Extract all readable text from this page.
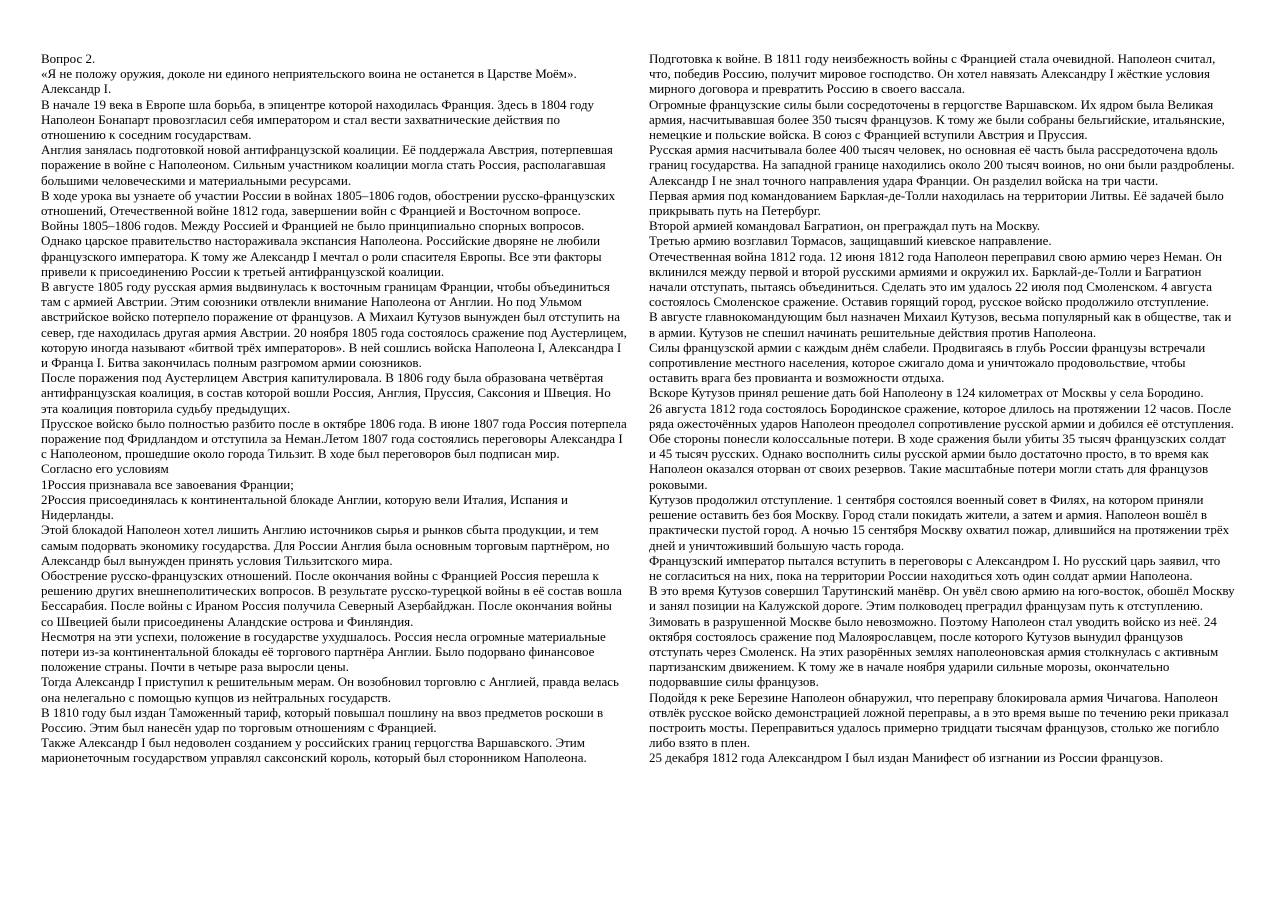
Вопрос 2.

«Я не положу оружия, доколе ни единого неприятельского воина не останется в Царстве Моём». Александр I.

В начале 19 века в Европе шла борьба, в эпицентре которой находилась Франция. Здесь в 1804 году Наполеон Бонапарт провозгласил себя императором и стал вести захватнические действия по отношению к соседним государствам.

Англия занялась подготовкой новой антифранцузской коалиции. Её поддержала Австрия, потерпевшая поражение в войне с Наполеоном. Сильным участником коалиции могла стать Россия, располагавшая большими человеческими и материальными ресурсами.

В ходе урока вы узнаете об участии России в войнах 1805–1806 годов, обострении русско-французских отношений, Отечественной войне 1812 года, завершении войн с Францией и Восточном вопросе.

Войны 1805–1806 годов. Между Россией и Францией не было принципиально спорных вопросов. Однако царское правительство настораживала экспансия Наполеона. Российские дворяне не любили французского императора. К тому же Александр I мечтал о роли спасителя Европы. Все эти факторы привели к присоединению России к третьей антифранцузской коалиции.

В августе 1805 году русская армия выдвинулась к восточным границам Франции, чтобы объединиться там с армией Австрии. Этим союзники отвлекли внимание Наполеона от Англии. Но под Ульмом австрийское войско потерпело поражение от французов. А Михаил Кутузов вынужден был отступить на север, где находилась другая армия Австрии. 20 ноября 1805 года состоялось сражение под Аустерлицем, которую иногда называют «битвой трёх императоров». В ней сошлись войска Наполеона I, Александра I и Франца I. Битва закончилась полным разгромом армии союзников.

После поражения под Аустерлицем Австрия капитулировала. В 1806 году была образована четвёртая антифранцузская коалиция, в состав которой вошли Россия, Англия, Пруссия, Саксония и Швеция. Но эта коалиция повторила судьбу предыдущих.

Прусское войско было полностью разбито после в октябре 1806 года. В июне 1807 года Россия потерпела поражение под Фридландом и отступила за Неман.Летом 1807 года состоялись переговоры Александра I с Наполеоном, прошедшие около города Тильзит. В ходе был переговоров был подписан мир.

Согласно его условиям

1Россия признавала все завоевания Франции;

2Россия присоединялась к континентальной блокаде Англии, которую вели Италия, Испания и Нидерланды.

Этой блокадой Наполеон хотел лишить Англию источников сырья и рынков сбыта продукции, и тем самым подорвать экономику государства. Для России Англия была основным торговым партнёром, но Александр был вынужден принять условия Тильзитского мира.

Обострение русско-французских отношений. После окончания войны с Францией Россия перешла к решению других внешнеполитических вопросов. В результате русско-турецкой войны в её состав вошла Бессарабия. После войны с Ираном Россия получила Северный Азербайджан. После окончания войны со Швецией были присоединены Аландские острова и Финляндия.

Несмотря на эти успехи, положение в государстве ухудшалось. Россия несла огромные материальные потери из-за континентальной блокады её торгового партнёра Англии. Было подорвано финансовое положение страны. Почти в четыре раза выросли цены.

Тогда Александр I приступил к решительным мерам. Он возобновил торговлю с Англией, правда велась она нелегально с помощью купцов из нейтральных государств.

В 1810 году был издан Таможенный тариф, который повышал пошлину на ввоз предметов роскоши в Россию. Этим был нанесён удар по торговым отношениям с Францией.

Также Александр I был недоволен созданием у российских границ герцогства Варшавского. Этим марионеточным государством управлял саксонский король, который был сторонником Наполеона.

Подготовка к войне. В 1811 году неизбежность войны с Францией стала очевидной. Наполеон считал, что, победив Россию, получит мировое господство. Он хотел навязать Александру I жёсткие условия мирного договора и превратить Россию в своего вассала.

Огромные французские силы были сосредоточены в герцогстве Варшавском. Их ядром была Великая армия, насчитывавшая более 350 тысяч французов. К тому же были собраны бельгийские, итальянские, немецкие и польские войска. В союз с Францией вступили Австрия и Пруссия.

Русская армия насчитывала более 400 тысяч человек, но основная её часть была рассредоточена вдоль границ государства. На западной границе находились около 200 тысяч воинов, но они были раздроблены. Александр I не знал точного направления удара Франции. Он разделил войска на три части.

Первая армия под командованием Барклая-де-Толли находилась на территории Литвы. Её задачей было прикрывать путь на Петербург.

Второй армией командовал Багратион, он преграждал путь на Москву.

Третью армию возглавил Тормасов, защищавший киевское направление.

Отечественная война 1812 года. 12 июня 1812 года Наполеон переправил свою армию через Неман. Он вклинился между первой и второй русскими армиями и окружил их. Барклай-де-Толли и Багратион начали отступать, пытаясь объединиться. Сделать это им удалось 22 июля под Смоленском. 4 августа состоялось Смоленское сражение. Оставив горящий город, русское войско продолжило отступление.

В августе главнокомандующим был назначен Михаил Кутузов, весьма популярный как в обществе, так и в армии. Кутузов не спешил начинать решительные действия против Наполеона.

Силы французской армии с каждым днём слабели. Продвигаясь в глубь России французы встречали сопротивление местного населения, которое сжигало дома и уничтожало продовольствие, чтобы оставить врага без провианта и возможности отдыха.

Вскоре Кутузов принял решение дать бой Наполеону в 124 километрах от Москвы у села Бородино.

26 августа 1812 года состоялось Бородинское сражение, которое длилось на протяжении 12 часов. После ряда ожесточённых ударов Наполеон преодолел сопротивление русской армии и добился её отступления. Обе стороны понесли колоссальные потери. В ходе сражения были убиты 35 тысяч французских солдат и 45 тысяч русских. Однако восполнить силы русской армии было достаточно просто, в то время как Наполеон оказался оторван от своих резервов. Такие масштабные потери могли стать для французов роковыми.

Кутузов продолжил отступление. 1 сентября состоялся военный совет в Филях, на котором приняли решение оставить без боя Москву. Город стали покидать жители, а затем и армия. Наполеон вошёл в практически пустой город. А ночью 15 сентября Москву охватил пожар, длившийся на протяжении трёх дней и уничтоживший большую часть города.

Французский император пытался вступить в переговоры с Александром I. Но русский царь заявил, что не согласиться на них, пока на территории России находиться хоть один солдат армии Наполеона.

В это время Кутузов совершил Тарутинский манёвр. Он увёл свою армию на юго-восток, обошёл Москву и занял позиции на Калужской дороге. Этим полководец преградил французам путь к отступлению.

Зимовать в разрушенной Москве было невозможно. Поэтому Наполеон стал уводить войско из неё. 24 октября состоялось сражение под Малоярославцем, после которого Кутузов вынудил французов отступать через Смоленск. На этих разорённых землях наполеоновская армия столкнулась с активным партизанским движением. К тому же в начале ноября ударили сильные морозы, окончательно подорвавшие силы французов.

Подойдя к реке Березине Наполеон обнаружил, что переправу блокировала армия Чичагова. Наполеон отвлёк русское войско демонстрацией ложной переправы, а в это время выше по течению реки приказал построить мосты. Переправиться удалось примерно тридцати тысячам французов, столько же погибло либо взято в плен.

25 декабря 1812 года Александром I был издан Манифест об изгнании из России французов.
